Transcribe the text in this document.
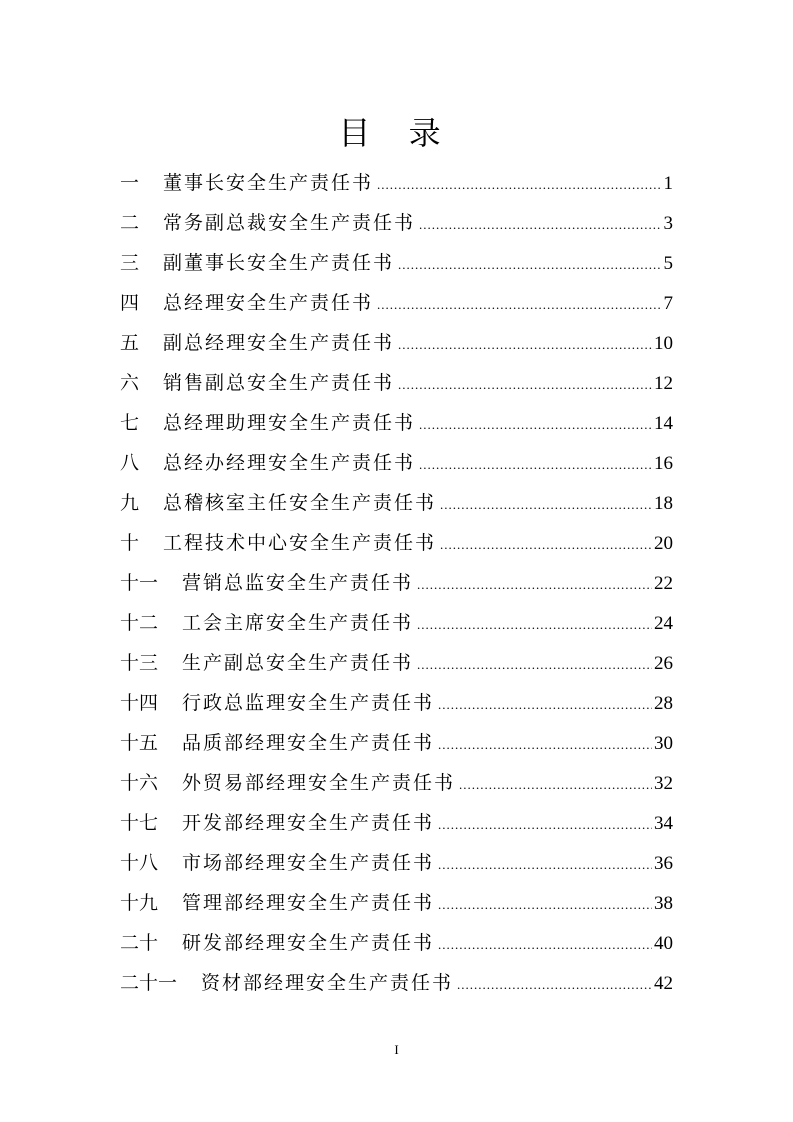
目 录
一	董事长安全生产责任书 .....	1
二	常务副总裁安全生产责任书 .....	3
三	副董事长安全生产责任书 .....	5
四	总经理安全生产责任书 .....	7
五	副总经理安全生产责任书 .....	10
六	销售副总安全生产责任书 .....	12
七	总经理助理安全生产责任书 .....	14
八	总经办经理安全生产责任书 .....	16
九	总稽核室主任安全生产责任书 .....	18
十	工程技术中心安全生产责任书 .....	20
十一	营销总监安全生产责任书 .....	22
十二	工会主席安全生产责任书 .....	24
十三	生产副总安全生产责任书 .....	26
十四	行政总监理安全生产责任书 .....	28
十五	品质部经理安全生产责任书 .....	30
十六	外贸易部经理安全生产责任书 .....	32
十七	开发部经理安全生产责任书 .....	34
十八	市场部经理安全生产责任书 .....	36
十九	管理部经理安全生产责任书 .....	38
二十	研发部经理安全生产责任书 .....	40
二十一	资材部经理安全生产责任书 .....	42
I
